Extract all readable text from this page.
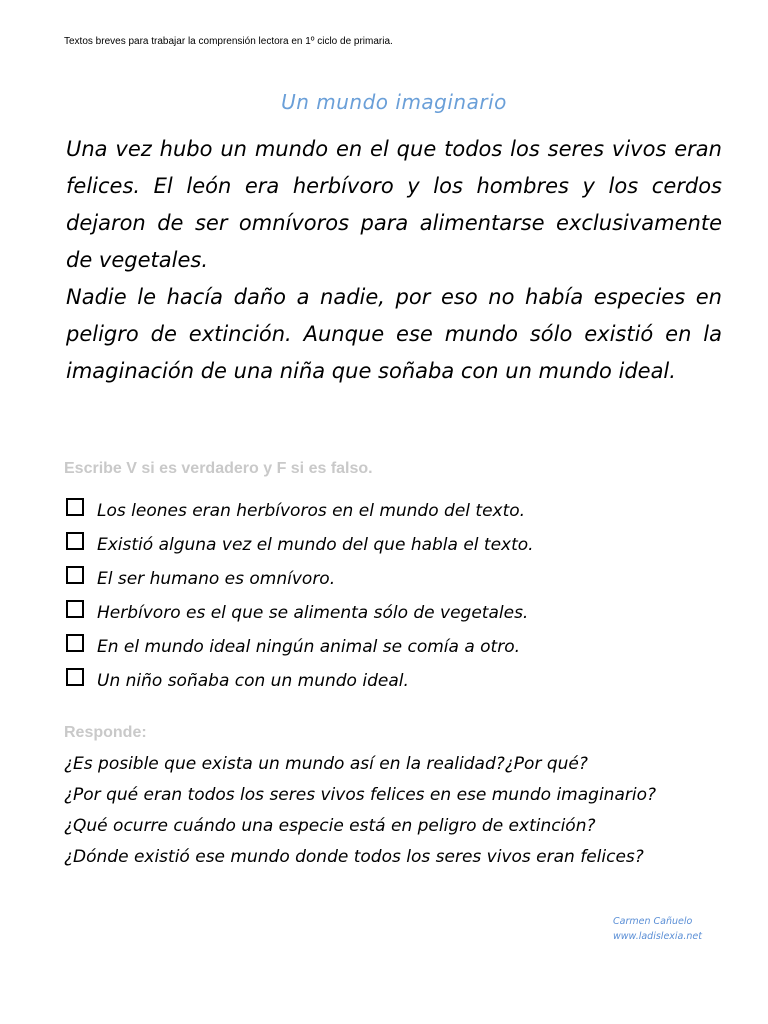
Textos breves para trabajar la comprensión lectora en 1º ciclo de primaria.
Un mundo imaginario

Una vez hubo un mundo en el que todos los seres vivos eran felices. El león era herbívoro y los hombres y los cerdos dejaron de ser omnívoros para alimentarse exclusivamente de vegetales.

Nadie le hacía daño a nadie, por eso no había especies en peligro de extinción. Aunque ese mundo sólo existió en la imaginación de una niña que soñaba con un mundo ideal.

Escribe V si es verdadero y F si es falso.
Los leones eran herbívoros en el mundo del texto.
Existió alguna vez el mundo del que habla el texto.
El ser humano es omnívoro.
Herbívoro es el que se alimenta sólo de vegetales.
En el mundo ideal ningún animal se comía a otro.
Un niño soñaba con un mundo ideal.
Responde:

¿Es posible que exista un mundo así en la realidad?¿Por qué?

¿Por qué eran todos los seres vivos felices en ese mundo imaginario?

¿Qué ocurre cuándo una especie está en peligro de extinción?

¿Dónde existió ese mundo donde todos los seres vivos eran felices?

Carmen Cañuelo
www.ladislexia.net
